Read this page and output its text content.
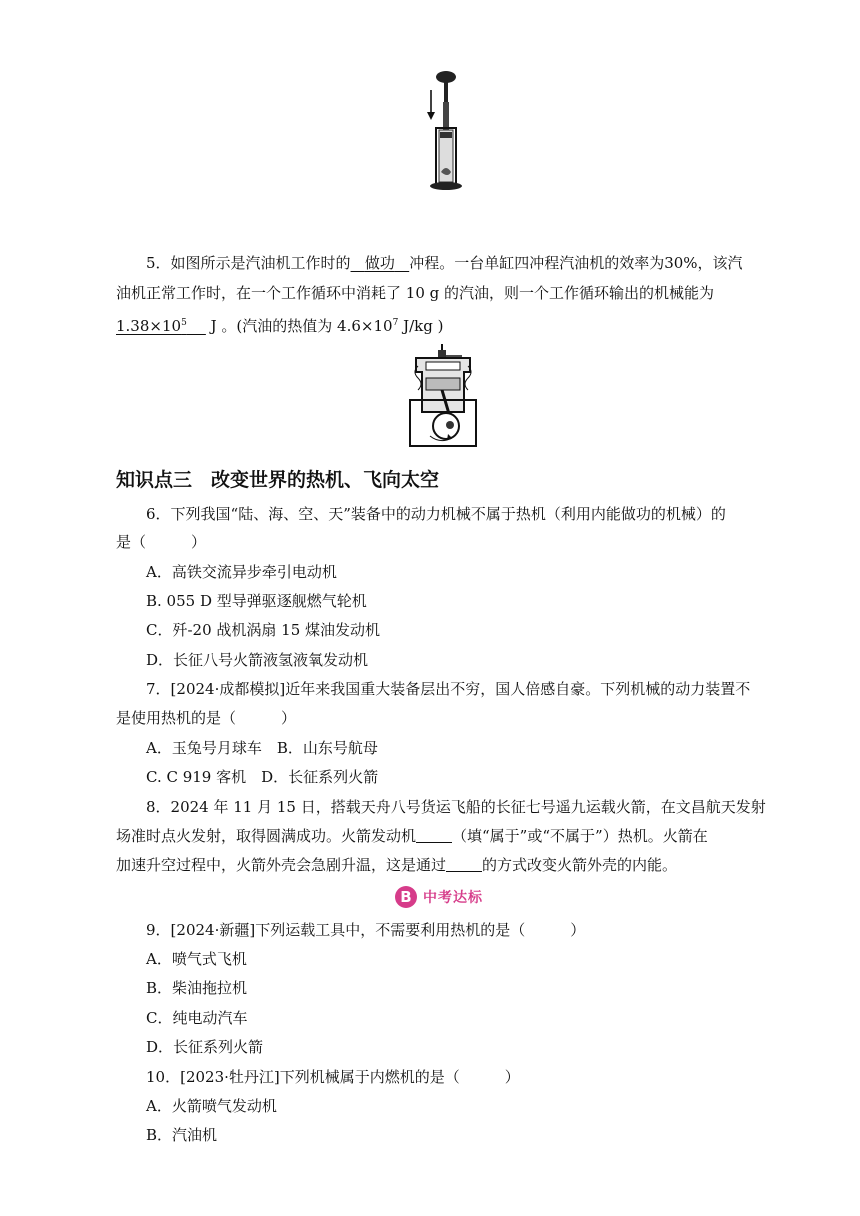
5．如图所示是汽油机工作时的 做功 冲程。一台单缸四冲程汽油机的效率为30%，该汽
油机正常工作时，在一个工作循环中消耗了 10 g 的汽油，则一个工作循环输出的机械能为
$1.38\times 10^5$     J 。(汽油的热值为 $4.6\times 10^7$ J/kg )
知识点三　改变世界的热机、飞向太空
6．下列我国“陆、海、空、天”装备中的动力机械不属于热机（利用内能做功的机械）的
是（　　　）
A．高铁交流异步牵引电动机
B. 055 D 型导弹驱逐舰燃气轮机
C．歼-20 战机涡扇 15 煤油发动机
D．长征八号火箭液氢液氧发动机
7．[2024·成都模拟]近年来我国重大装备层出不穷，国人倍感自豪。下列机械的动力装置不
是使用热机的是（　　　）
A．玉兔号月球车　B．山东号航母
C. C 919 客机　D．长征系列火箭
8．2024 年 11 月 15 日，搭载天舟八号货运飞船的长征七号遥九运载火箭，在文昌航天发射
场准时点火发射，取得圆满成功。火箭发动机 （填“属于”或“不属于”）热机。火箭在
加速升空过程中，火箭外壳会急剧升温，这是通过 的方式改变火箭外壳的内能。
B 中考达标
9．[2024·新疆]下列运载工具中，不需要利用热机的是（　　　）
A．喷气式飞机
B．柴油拖拉机
C．纯电动汽车
D．长征系列火箭
10．[2023·牡丹江]下列机械属于内燃机的是（　　　）
A．火箭喷气发动机
B．汽油机
